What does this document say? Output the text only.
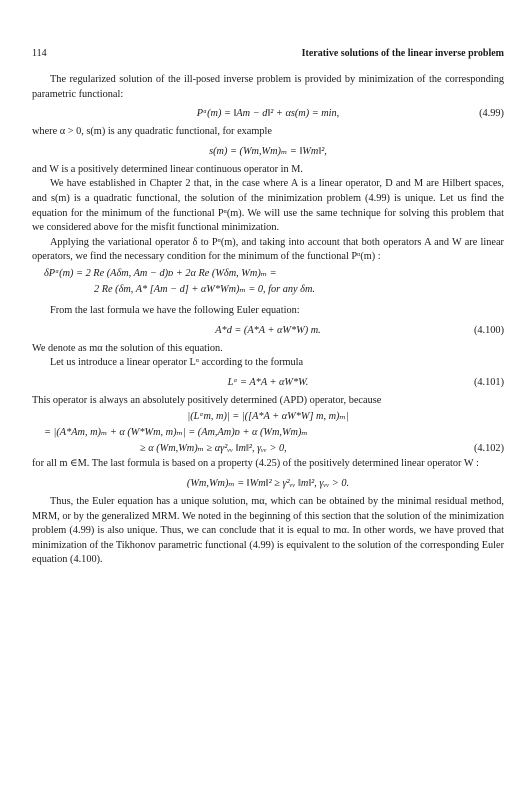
114	Iterative solutions of the linear inverse problem

The regularized solution of the ill-posed inverse problem is provided by minimization of the corresponding parametric functional:

Pᵅ(m) = ‖Am − d‖² + αs(m) = min,	(4.99)

where α > 0, s(m) is any quadratic functional, for example

s(m) = (Wm,Wm)ₘ = ‖Wm‖²,

and W is a positively determined linear continuous operator in M.

We have established in Chapter 2 that, in the case where A is a linear operator, D and M are Hilbert spaces, and s(m) is a quadratic functional, the solution of the minimization problem (4.99) is unique. Let us find the equation for the minimum of the functional Pᵅ(m). We will use the same technique for solving this problem that we considered above for the misfit functional minimization.

Applying the variational operator δ to Pᵅ(m), and taking into account that both operators A and W are linear operators, we find the necessary condition for the minimum of the functional Pᵅ(m) :

δPᵅ(m) = 2 Re (Aδm, Am − d)ᴅ + 2α Re (Wδm, Wm)ₘ =
2 Re (δm, A* [Am − d] + αW*Wm)ₘ = 0, for any δm.

From the last formula we have the following Euler equation:

A*d = (A*A + αW*W) m.	(4.100)

We denote as mα the solution of this equation.

Let us introduce a linear operator Lᵅ according to the formula

Lᵅ = A*A + αW*W.	(4.101)

This operator is always an absolutely positively determined (APD) operator, because

|(Lᵅm, m)| = |([A*A + αW*W] m, m)ₘ|
= |(A*Am, m)ₘ + α (W*Wm, m)ₘ| = (Am,Am)ᴅ + α (Wm,Wm)ₘ
≥ α (Wm,Wm)ₘ ≥ αγ²ᵥᵥ ‖m‖², γᵥᵥ > 0,	(4.102)

for all m ∈M. The last formula is based on a property (4.25) of the positively determined linear operator W :

(Wm,Wm)ₘ = ‖Wm‖² ≥ γ²ᵥᵥ ‖m‖², γᵥᵥ > 0.

Thus, the Euler equation has a unique solution, mα, which can be obtained by the minimal residual method, MRM, or by the generalized MRM. We noted in the beginning of this section that the solution of the minimization problem (4.99) is also unique. Thus, we can conclude that it is equal to mα. In other words, we have proved that minimization of the Tikhonov parametric functional (4.99) is equivalent to the solution of the corresponding Euler equation (4.100).
